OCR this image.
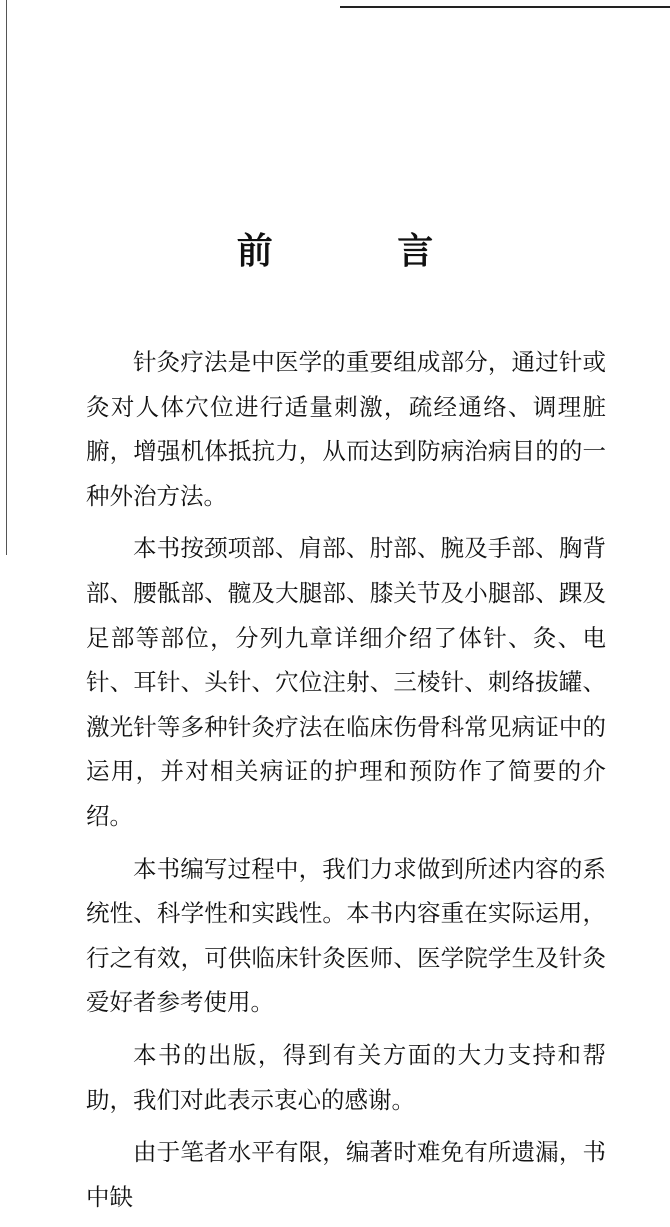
前 言

针灸疗法是中医学的重要组成部分，通过针或灸对人体穴位进行适量刺激，疏经通络、调理脏腑，增强机体抵抗力，从而达到防病治病目的的一种外治方法。

本书按颈项部、肩部、肘部、腕及手部、胸背部、腰骶部、髋及大腿部、膝关节及小腿部、踝及足部等部位，分列九章详细介绍了体针、灸、电针、耳针、头针、穴位注射、三棱针、刺络拔罐、激光针等多种针灸疗法在临床伤骨科常见病证中的运用，并对相关病证的护理和预防作了简要的介绍。

本书编写过程中，我们力求做到所述内容的系统性、科学性和实践性。本书内容重在实际运用，行之有效，可供临床针灸医师、医学院学生及针灸爱好者参考使用。

本书的出版，得到有关方面的大力支持和帮助，我们对此表示衷心的感谢。

由于笔者水平有限，编著时难免有所遗漏，书中缺
